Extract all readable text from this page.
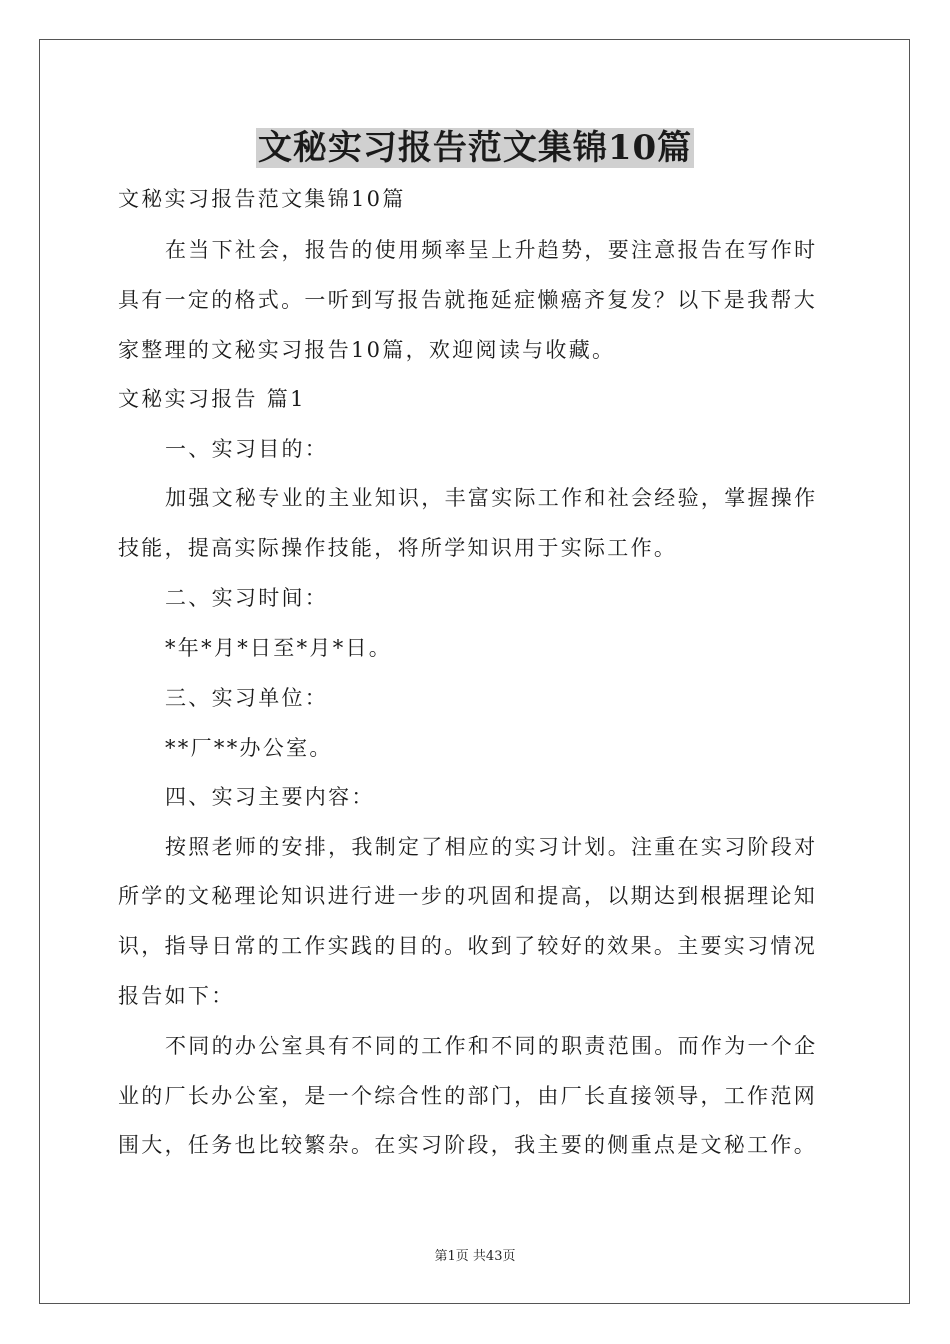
文秘实习报告范文集锦10篇
文秘实习报告范文集锦10篇
在当下社会，报告的使用频率呈上升趋势，要注意报告在写作时
具有一定的格式。一听到写报告就拖延症懒癌齐复发？以下是我帮大
家整理的文秘实习报告10篇，欢迎阅读与收藏。
文秘实习报告 篇1
一、实习目的：
加强文秘专业的主业知识，丰富实际工作和社会经验，掌握操作
技能，提高实际操作技能，将所学知识用于实际工作。
二、实习时间：
*年*月*日至*月*日。
三、实习单位：
**厂**办公室。
四、实习主要内容：
按照老师的安排，我制定了相应的实习计划。注重在实习阶段对
所学的文秘理论知识进行进一步的巩固和提高，以期达到根据理论知
识，指导日常的工作实践的目的。收到了较好的效果。主要实习情况
报告如下：
不同的办公室具有不同的工作和不同的职责范围。而作为一个企
业的厂长办公室，是一个综合性的部门，由厂长直接领导，工作范网
围大，任务也比较繁杂。在实习阶段，我主要的侧重点是文秘工作。
第1页 共43页
